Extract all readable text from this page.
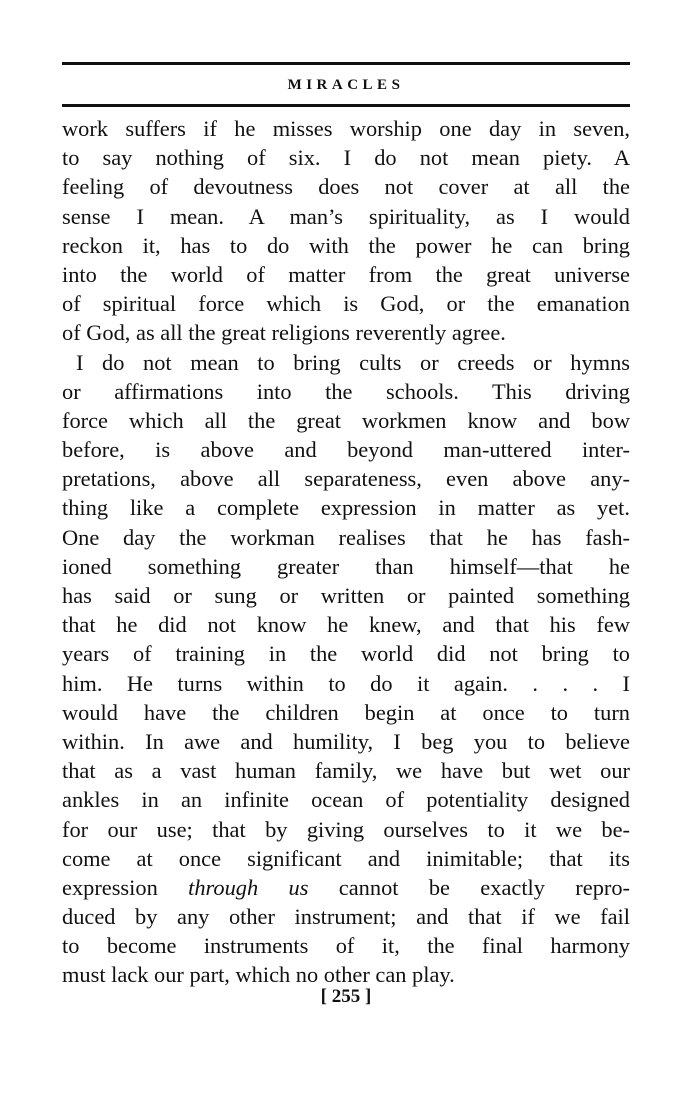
MIRACLES
work suffers if he misses worship one day in seven,
to say nothing of six. I do not mean piety. A
feeling of devoutness does not cover at all the
sense I mean. A man’s spirituality, as I would
reckon it, has to do with the power he can bring
into the world of matter from the great universe
of spiritual force which is God, or the emanation
of God, as all the great religions reverently agree.
I do not mean to bring cults or creeds or hymns
or affirmations into the schools. This driving
force which all the great workmen know and bow
before, is above and beyond man-uttered inter-
pretations, above all separateness, even above any-
thing like a complete expression in matter as yet.
One day the workman realises that he has fash-
ioned something greater than himself—that he
has said or sung or written or painted something
that he did not know he knew, and that his few
years of training in the world did not bring to
him. He turns within to do it again. . . . I
would have the children begin at once to turn
within. In awe and humility, I beg you to believe
that as a vast human family, we have but wet our
ankles in an infinite ocean of potentiality designed
for our use; that by giving ourselves to it we be-
come at once significant and inimitable; that its
expression through us cannot be exactly repro-
duced by any other instrument; and that if we fail
to become instruments of it, the final harmony
must lack our part, which no other can play.
[ 255 ]
